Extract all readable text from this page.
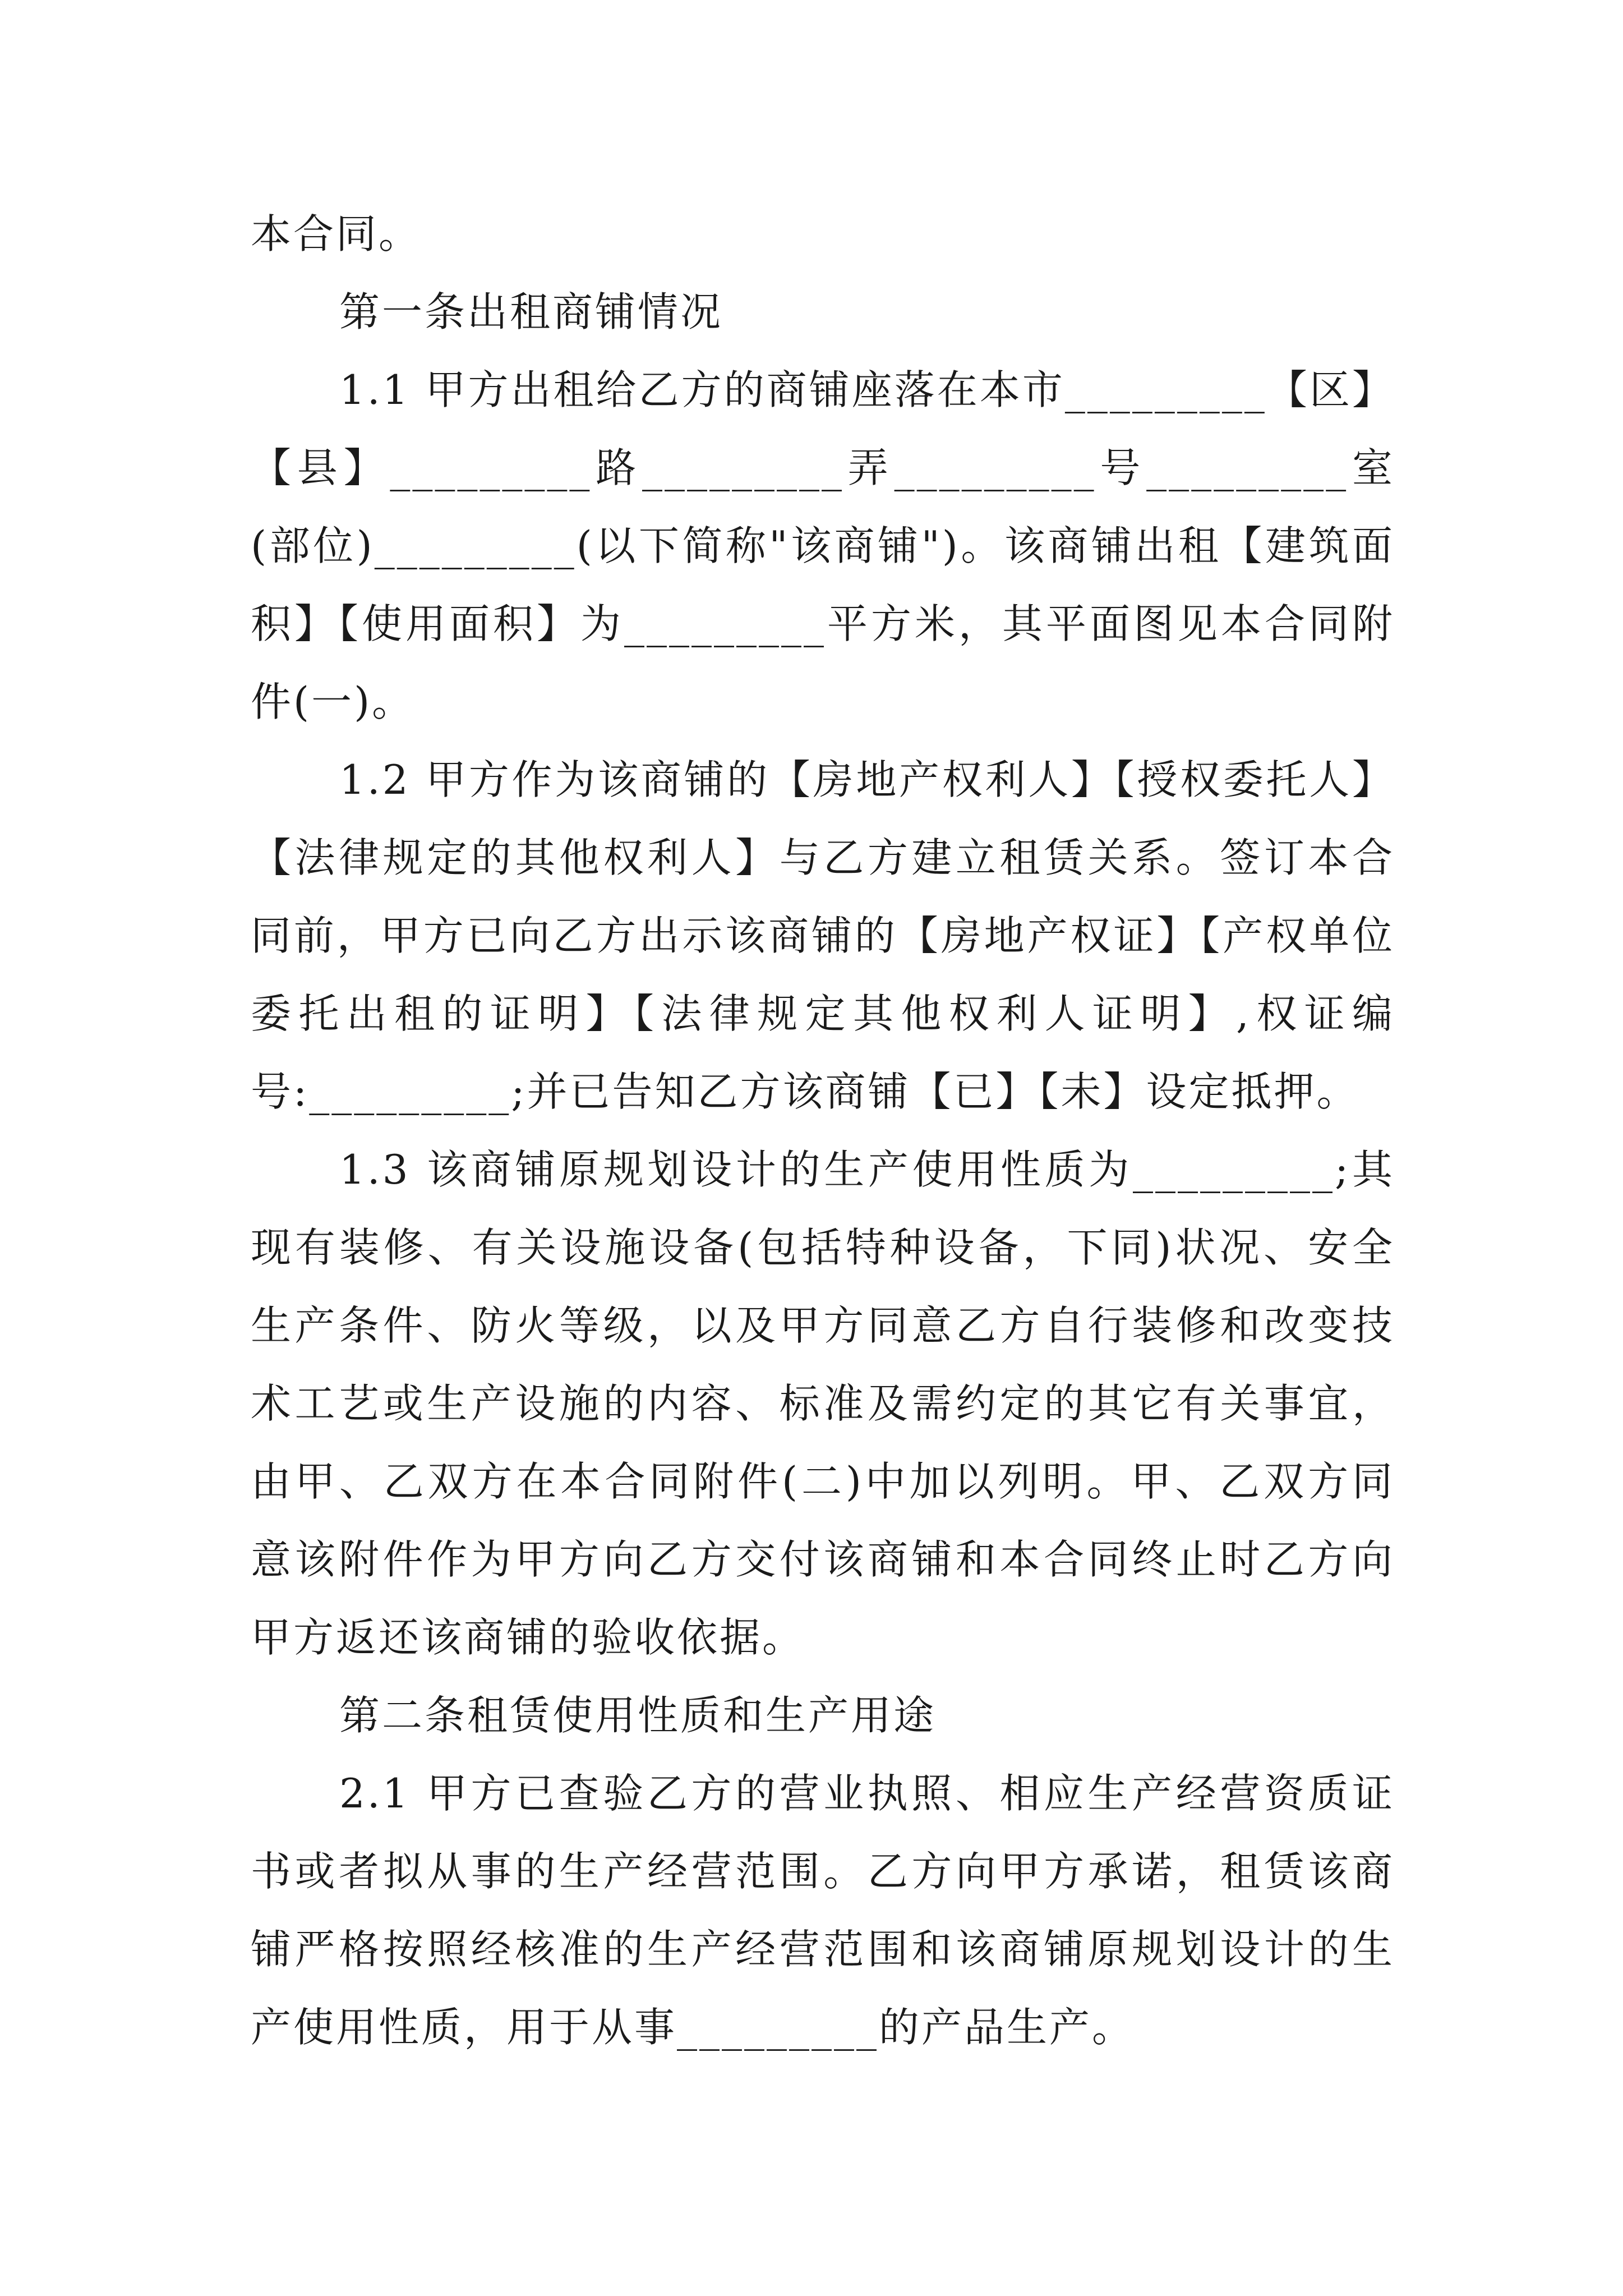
本合同。

第一条出租商铺情况

1.1 甲方出租给乙方的商铺座落在本市_________【区】【县】_________路_________弄_________号_________室(部位)_________(以下简称"该商铺")。该商铺出租【建筑面积】【使用面积】为_________平方米，其平面图见本合同附件(一)。

1.2 甲方作为该商铺的【房地产权利人】【授权委托人】【法律规定的其他权利人】与乙方建立租赁关系。签订本合同前，甲方已向乙方出示该商铺的【房地产权证】【产权单位委托出租的证明】【法律规定其他权利人证明】,权证编号:_________;并已告知乙方该商铺【已】【未】设定抵押。

1.3 该商铺原规划设计的生产使用性质为_________;其现有装修、有关设施设备(包括特种设备，下同)状况、安全生产条件、防火等级，以及甲方同意乙方自行装修和改变技术工艺或生产设施的内容、标准及需约定的其它有关事宜，由甲、乙双方在本合同附件(二)中加以列明。甲、乙双方同意该附件作为甲方向乙方交付该商铺和本合同终止时乙方向甲方返还该商铺的验收依据。

第二条租赁使用性质和生产用途

2.1 甲方已查验乙方的营业执照、相应生产经营资质证书或者拟从事的生产经营范围。乙方向甲方承诺，租赁该商铺严格按照经核准的生产经营范围和该商铺原规划设计的生产使用性质，用于从事_________的产品生产。
